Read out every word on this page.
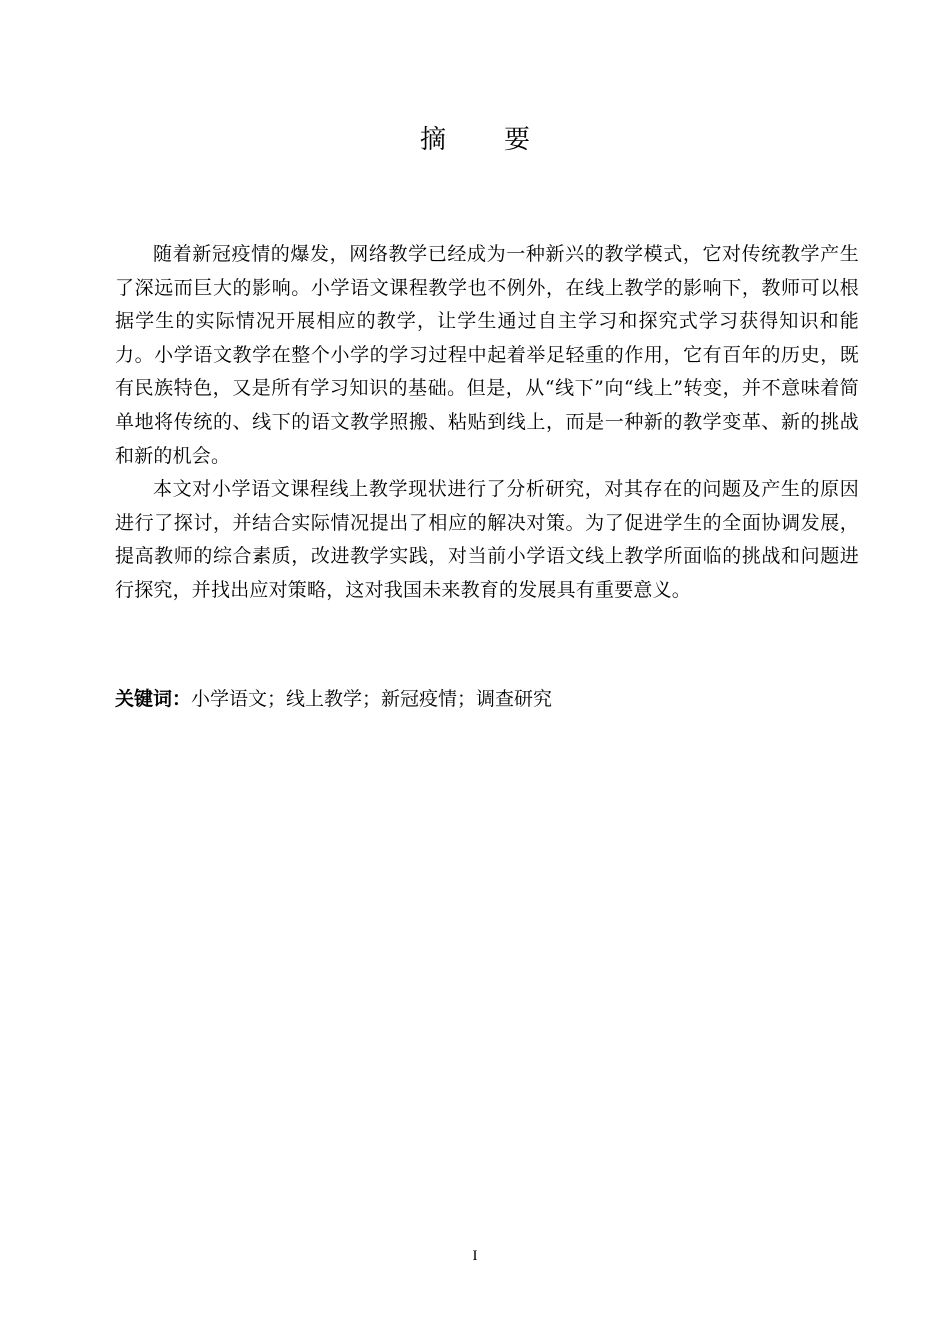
摘　要

随着新冠疫情的爆发，网络教学已经成为一种新兴的教学模式，它对传统教学产生了深远而巨大的影响。小学语文课程教学也不例外，在线上教学的影响下，教师可以根据学生的实际情况开展相应的教学，让学生通过自主学习和探究式学习获得知识和能力。小学语文教学在整个小学的学习过程中起着举足轻重的作用，它有百年的历史，既有民族特色，又是所有学习知识的基础。但是，从“线下”向“线上”转变，并不意味着简单地将传统的、线下的语文教学照搬、粘贴到线上，而是一种新的教学变革、新的挑战和新的机会。

本文对小学语文课程线上教学现状进行了分析研究，对其存在的问题及产生的原因进行了探讨，并结合实际情况提出了相应的解决对策。为了促进学生的全面协调发展，提高教师的综合素质，改进教学实践，对当前小学语文线上教学所面临的挑战和问题进行探究，并找出应对策略，这对我国未来教育的发展具有重要意义。

关键词：小学语文；线上教学；新冠疫情；调查研究
I
